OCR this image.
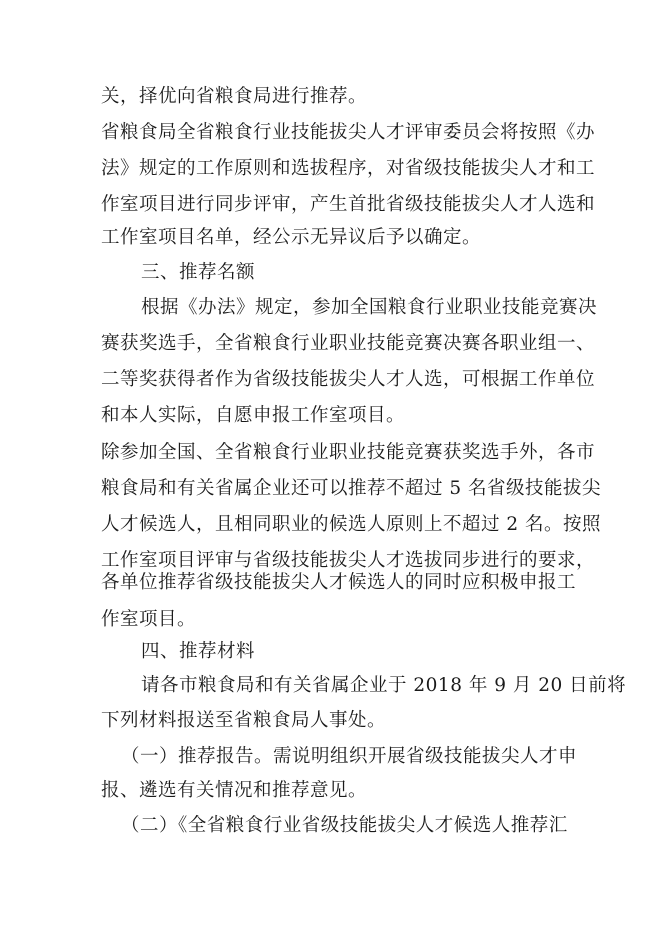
关，择优向省粮食局进行推荐。
省粮食局全省粮食行业技能拔尖人才评审委员会将按照《办
法》规定的工作原则和选拔程序，对省级技能拔尖人才和工
作室项目进行同步评审，产生首批省级技能拔尖人才人选和
工作室项目名单，经公示无异议后予以确定。
三、推荐名额
根据《办法》规定，参加全国粮食行业职业技能竞赛决
赛获奖选手，全省粮食行业职业技能竞赛决赛各职业组一、
二等奖获得者作为省级技能拔尖人才人选，可根据工作单位
和本人实际，自愿申报工作室项目。
除参加全国、全省粮食行业职业技能竞赛获奖选手外，各市
粮食局和有关省属企业还可以推荐不超过 5 名省级技能拔尖
人才候选人，且相同职业的候选人原则上不超过 2 名。按照
工作室项目评审与省级技能拔尖人才选拔同步进行的要求，
各单位推荐省级技能拔尖人才候选人的同时应积极申报工
作室项目。
四、推荐材料
请各市粮食局和有关省属企业于 2018 年 9 月 20 日前将
下列材料报送至省粮食局人事处。
（一）推荐报告。需说明组织开展省级技能拔尖人才申
报、遴选有关情况和推荐意见。
（二）《全省粮食行业省级技能拔尖人才候选人推荐汇
